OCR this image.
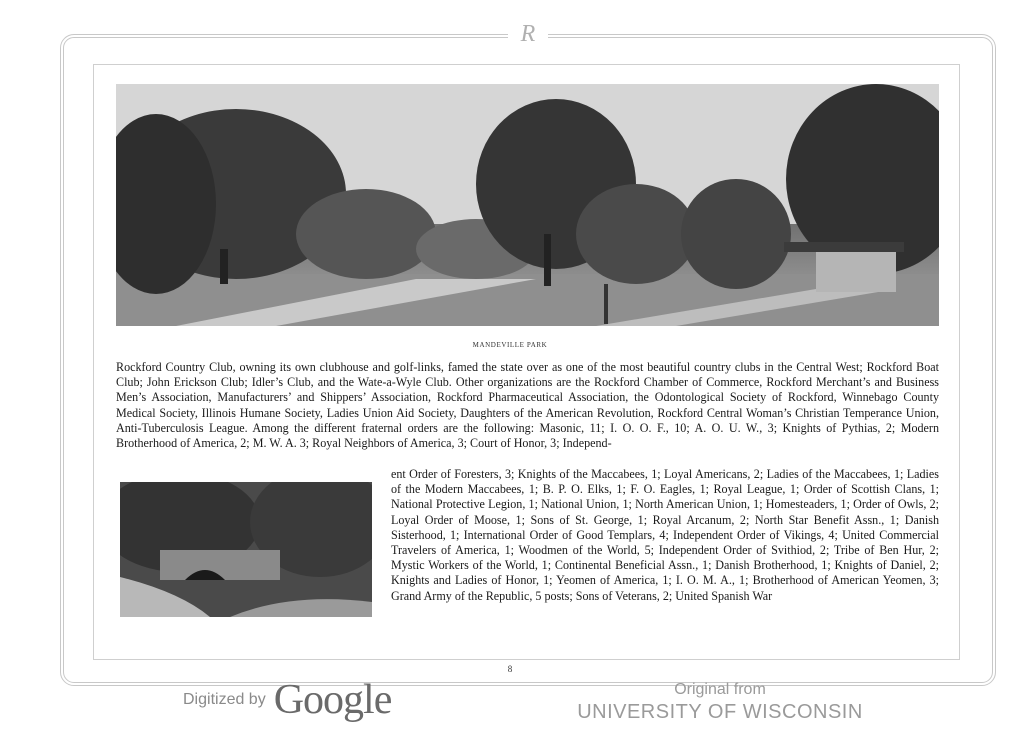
R
MANDEVILLE PARK

Rockford Country Club, owning its own clubhouse and golf-links, famed the state over as one of the most beautiful country clubs in the Central West; Rockford Boat Club; John Erickson Club; Idler’s Club, and the Wate-a-Wyle Club. Other organizations are the Rockford Chamber of Commerce, Rockford Merchant’s and Business Men’s Association, Manufacturers’ and Shippers’ Association, Rockford Pharmaceutical Association, the Odontological Society of Rockford, Winnebago County Medical Society, Illinois Humane Society, Ladies Union Aid Society, Daughters of the American Revolution, Rockford Central Woman’s Christian Temperance Union, Anti-Tuberculosis League. Among the different fraternal orders are the following: Masonic, 11; I. O. O. F., 10; A. O. U. W., 3; Knights of Pythias, 2; Modern Brotherhood of America, 2; M. W. A. 3; Royal Neighbors of America, 3; Court of Honor, 3; Independ-

ent Order of Foresters, 3; Knights of the Maccabees, 1; Loyal Americans, 2; Ladies of the Maccabees, 1; Ladies of the Modern Maccabees, 1; B. P. O. Elks, 1; F. O. Eagles, 1; Royal League, 1; Order of Scottish Clans, 1; National Protective Legion, 1; National Union, 1; North American Union, 1; Homesteaders, 1; Order of Owls, 2; Loyal Order of Moose, 1; Sons of St. George, 1; Royal Arcanum, 2; North Star Benefit Assn., 1; Danish Sisterhood, 1; International Order of Good Templars, 4; Independent Order of Vikings, 4; United Commercial Travelers of America, 1; Woodmen of the World, 5; Independent Order of Svithiod, 2; Tribe of Ben Hur, 2; Mystic Workers of the World, 1; Continental Beneficial Assn., 1; Danish Brotherhood, 1; Knights of Daniel, 2; Knights and Ladies of Honor, 1; Yeomen of America, 1; I. O. M. A., 1; Brotherhood of American Yeomen, 3; Grand Army of the Republic, 5 posts; Sons of Veterans, 2; United Spanish War

8
Digitized by Google	Original from
UNIVERSITY OF WISCONSIN
